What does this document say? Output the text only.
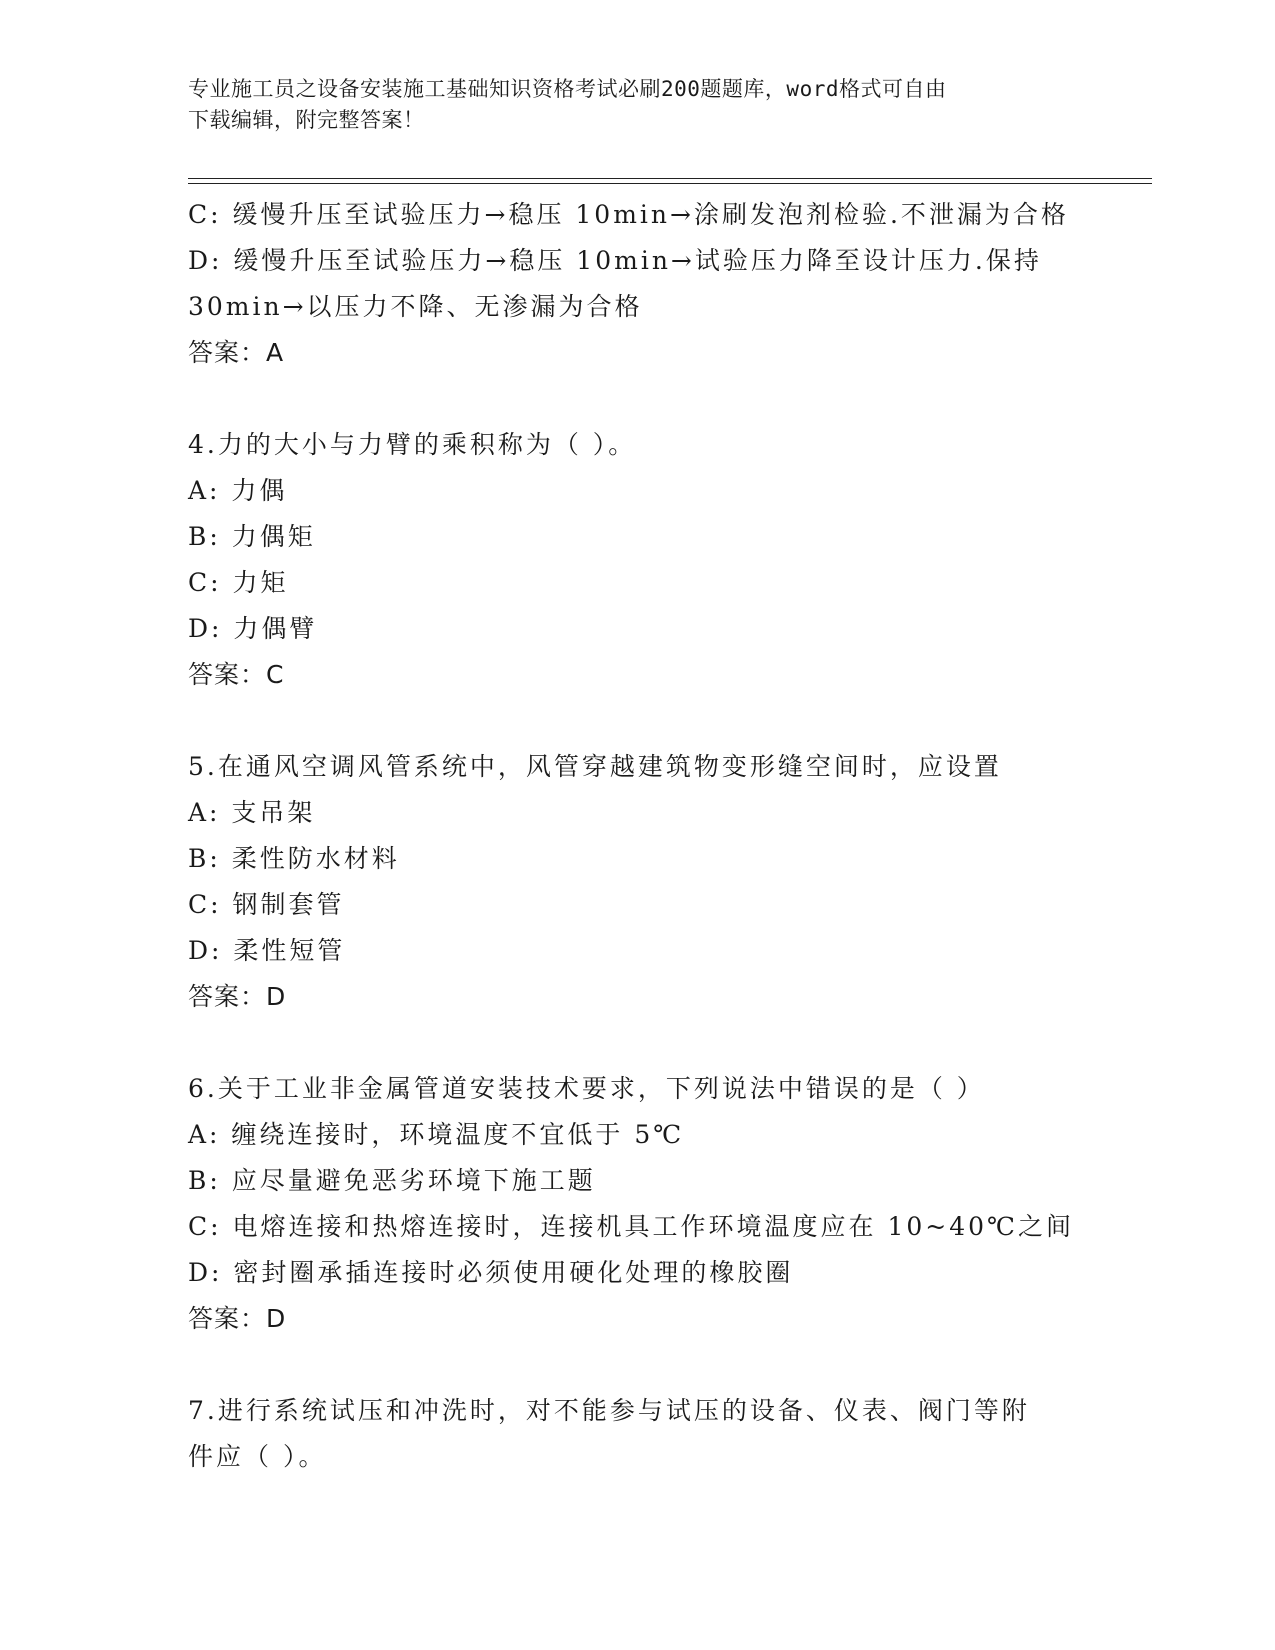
专业施工员之设备安装施工基础知识资格考试必刷200题题库，word格式可自由
下载编辑，附完整答案！
C: 缓慢升压至试验压力→稳压 10min→涂刷发泡剂检验.不泄漏为合格
D: 缓慢升压至试验压力→稳压 10min→试验压力降至设计压力.保持
30min→以压力不降、无渗漏为合格
答案：A
4.力的大小与力臂的乘积称为（ ）。
A: 力偶
B: 力偶矩
C: 力矩
D: 力偶臂
答案：C
5.在通风空调风管系统中，风管穿越建筑物变形缝空间时，应设置
A: 支吊架
B: 柔性防水材料
C: 钢制套管
D: 柔性短管
答案：D
6.关于工业非金属管道安装技术要求，下列说法中错误的是（ ）
A: 缠绕连接时，环境温度不宜低于 5℃
B: 应尽量避免恶劣环境下施工题
C: 电熔连接和热熔连接时，连接机具工作环境温度应在 10~40℃之间
D: 密封圈承插连接时必须使用硬化处理的橡胶圈
答案：D
7.进行系统试压和冲洗时，对不能参与试压的设备、仪表、阀门等附
件应（ ）。
